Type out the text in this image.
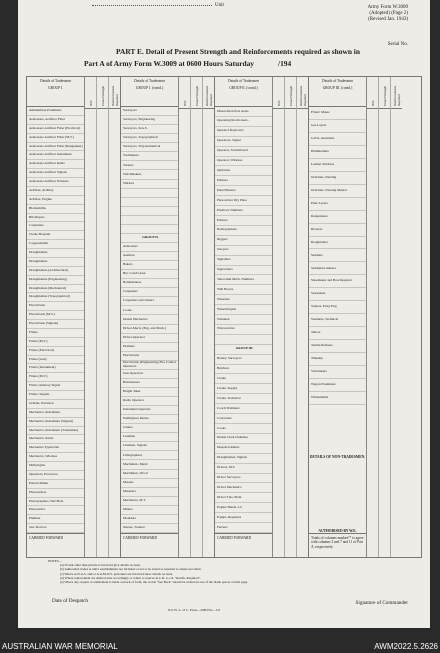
Unit	Army Form W.3009
(Adopted) (Page 2)
(Revised Jan. 1943)
Serial No.
PART E. Detail of Present Strength and Reinforcements required as shown in
Part A of Army Form W.3009 at 0600 Hours Saturday	/194
Details of Tradesmen
GROUP I.
Ammunition Examiners
Armourers, Artificer Fitter
Armourers Artificer Fitter (Electrical)
Armourers Artificer Fitter (M.T.)
Armourers Artificer Fitter (Rangetaker)
Armourers Artificer Instrument
Armourers Artificer Radio
Armourers Artificer Signals
Armourers Artificer Wireless
Artificer, Artillery
Artificer, Engine
Blacksmiths
Bricklayers
Carpenters
Clerks Hospital
Coppersmiths
Draughtsmen
Draughtsmen
Draughtsmen (Architectural)
Draughtsmen (Engineering)
Draughtsmen (Mechanical)
Draughtsmen (Topographical)
Electricians
Electricians (M.V.)
Electricians (Signals)
Fitters
Fitters (M.V.)
Fitters (Electrical)
Fitters (Gun)
Fitters (Instrument)
Fitters (M.V.)
Fitters, Railway Signal
Fitters, Signals
Grinder, Precision
Mechanics, Instrument
Mechanics, Instrument (Signals)
Mechanics, Instrument (Tradesmen)
Mechanics, Radio
Mechanics Typewriter
Mechanics, Wireless
Millwrights
Operators, Excavator
Pattern Maker
Photowriters
Photographers, Wet Plate
Photowriter
Plumber
Saw Doctors
CARRIED FORWARD
W.E.	Posted Strength Reinforcements Required
Details of Tradesmen
GROUP I. (contd.)
Surveyors
Surveyors, Engineering
Surveyors, R.A.S.
Surveyors, Topographical
Surveyors, Trigonometrical
Toolmakers
Turners
Watchmakers
Welders
GROUP II.
Armourers
Assistan
Bakers
Bty. Cond's Asst.
Boilermakers
Carpenters
Carpenters and Joiners
Cooks
Dental Mechanics
Driver-Mech. (Eng. and Mach.)
Driver-Operator
Drainers
Electricians
Electricians (Engineering) Fire Control Operators
Gun Operators
Hairdressers
Height Taker
Radio Operator
Instrument Operator
Intelligence Duties
Joiners
Linemen
Linemen, Signals
Lithographers
Machinists, Metal
Machinists, Wood
Masons
Masseurs
Mechanics, M.T.
Miners
Moulders
Nurses, Trained
CARRIED FORWARD
W.E.	Posted Strength Reinforcements Required
Details of Tradesmen
GROUP II. (contd.)
Observation Post Assts.
Operating Room Assts.
Operator Keyboard
Operators, Signal
Operator, Switchboard
Operator, Wireless
Opticians
Painters
Panel Beaters
Photowriter Dry Plate
Predictor Numbers
Printers
Radiographers
Riggers
Sawyers
Signallers
Signwriters
Telecomm Mech. Numbers
Wall Borers
Wheelers
Wheelwrights
Wiremen
Wirewarriors
GROUP III.
Battery Surveyors
Butchers
Clerks
Clerks, Supply
Clerks, Technical
Coach Trimmers
Concreters
Cooks
Dental Clerk Orderlies
Despatch Riders
Draughtsmen, Signals
Drivers, M.T.
Driver Surveyors
Driver Mechanics
Driver Tpts. Plant
Engine Hands, I.C.
Equips. Repairers
Farriers
CARRIED FORWARD
W.E.	Posted Strength Reinforcements Required
Details of Tradesmen
GROUP III. (contd.)
Fitters' Mates
Gas Layers
G.P.O. Assistants
Hammermen
Leather Stitchers
Orderlies, Nursing
Orderlies, Nursing Mental
Plate Layers
Rangetakers
Riveters
Roughriders
Saddlers
Saddletree makers
Shoemaker and Boot Repairer
Storesmen
Stokers, Entry Eng
Steamers, Technical
Tailors
Textile Refiners
Timeslip
Vulcanisers
Wagon Examiners
Whitesmiths
DETAILS OF NON-TRADESMEN.
AUTHORISED BY W.E.
Totals of columns marked * to agree with columns 3 and 7 and 11 of Part A, respectively.
W.E.	Posted Strength Reinforcements Required
NOTES—
(a) If rank other than private is involved give details on back.
(b) Authorized trades at unit's establishment not included or not to be stated as required to ensure provided.
(c) Where A.W.A.S. and/or A.A.M.W.S. personnel are involved show details on back.
(d) Where replacement are desired state accordingly or return to reserve in C.R. to col. "Reinfs. Required".
(e) Where any request or entitlement is made on back of form, the words "See Back" should be written in one of the blank spaces on this page.
Date of Despatch	Signature of Commander
N.S.W. L. of C. Press—29H Feb—1/0
AUSTRALIAN WAR MEMORIAL	AWM2022.5.2626
